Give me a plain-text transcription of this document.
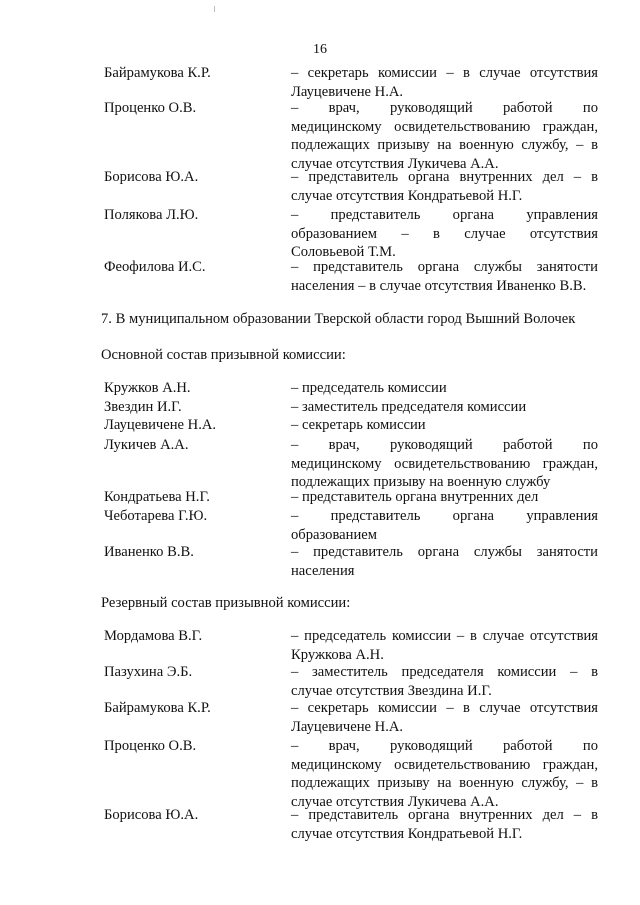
16
Байрамукова К.Р.	– секретарь комиссии – в случае отсутствия
Лауцевичене Н.А.
Проценко О.В.	– врач, руководящий работой по
медицинскому освидетельствованию граждан,
подлежащих призыву на военную службу, – в
случае отсутствия Лукичева А.А.
Борисова Ю.А.	– представитель органа внутренних дел – в
случае отсутствия Кондратьевой Н.Г.
Полякова Л.Ю.	– представитель органа управления
образованием – в случае отсутствия
Соловьевой Т.М.
Феофилова И.С.	– представитель органа службы занятости
населения – в случае отсутствия Иваненко В.В.
7. В муниципальном образовании Тверской области город Вышний Волочек
Основной состав призывной комиссии:
Кружков А.Н.	– председатель комиссии
Звездин И.Г.	– заместитель председателя комиссии
Лауцевичене Н.А.	– секретарь комиссии
Лукичев А.А.	– врач, руководящий работой по
медицинскому освидетельствованию граждан,
подлежащих призыву на военную службу
Кондратьева Н.Г.	– представитель органа внутренних дел
Чеботарева Г.Ю.	– представитель органа управления
образованием
Иваненко В.В.	– представитель органа службы занятости
населения
Резервный состав призывной комиссии:
Мордамова В.Г.	– председатель комиссии – в случае отсутствия
Кружкова А.Н.
Пазухина Э.Б.	– заместитель председателя комиссии – в
случае отсутствия Звездина И.Г.
Байрамукова К.Р.	– секретарь комиссии – в случае отсутствия
Лауцевичене Н.А.
Проценко О.В.	– врач, руководящий работой по
медицинскому освидетельствованию граждан,
подлежащих призыву на военную службу, – в
случае отсутствия Лукичева А.А.
Борисова Ю.А.	– представитель органа внутренних дел – в
случае отсутствия Кондратьевой Н.Г.
